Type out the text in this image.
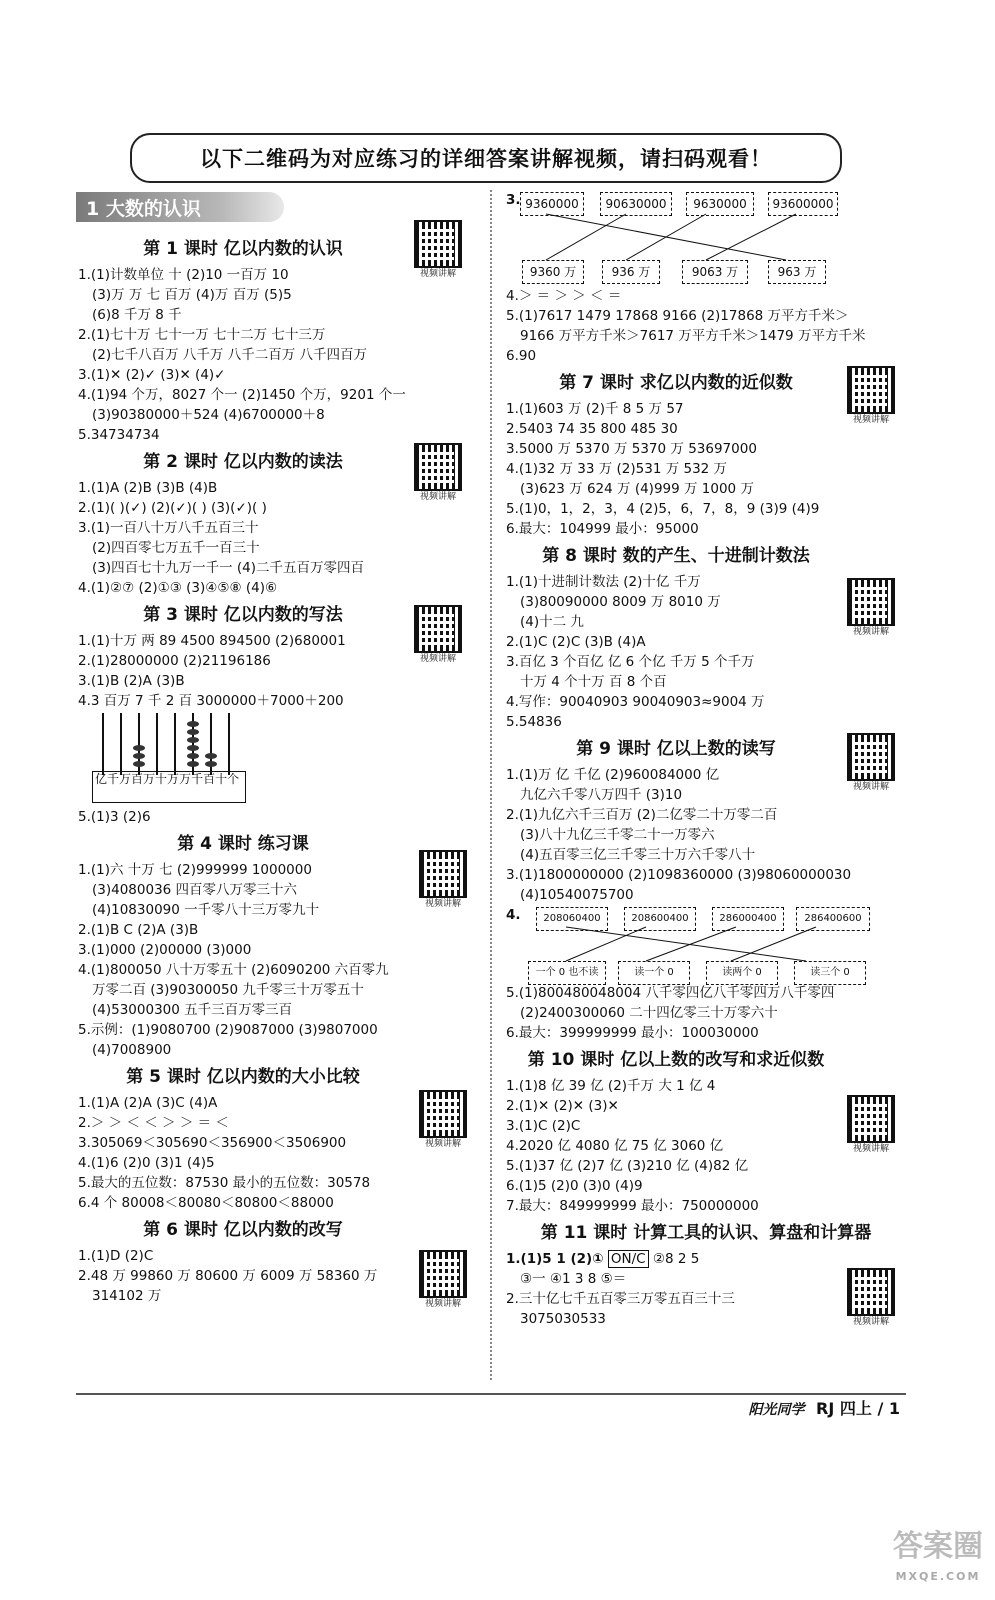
以下二维码为对应练习的详细答案讲解视频，请扫码观看！
1 大数的认识
第 1 课时 亿以内数的认识
1.(1)计数单位 十 (2)10 一百万 10
(3)万 万 七 百万 (4)万 百万 (5)5
(6)8 千万 8 千
2.(1)七十万 七十一万 七十二万 七十三万
(2)七千八百万 八千万 八千二百万 八千四百万
3.(1)✕ (2)✓ (3)✕ (4)✓
4.(1)94 个万，8027 个一 (2)1450 个万，9201 个一
(3)90380000＋524 (4)6700000＋8
5.34734734
第 2 课时 亿以内数的读法
1.(1)A (2)B (3)B (4)B
2.(1)( )(✓) (2)(✓)( ) (3)(✓)( )
3.(1)一百八十万八千五百三十
(2)四百零七万五千一百三十
(3)四百七十九万一千一 (4)二千五百万零四百
4.(1)②⑦ (2)①③ (3)④⑤⑧ (4)⑥
第 3 课时 亿以内数的写法
1.(1)十万 两 89 4500 894500 (2)680001
2.(1)28000000 (2)21196186
3.(1)B (2)A (3)B
4.3 百万 7 千 2 百 3000000＋7000＋200
亿千万百万十万万千百十个
5.(1)3 (2)6
第 4 课时 练习课
1.(1)六 十万 七 (2)999999 1000000
(3)4080036 四百零八万零三十六
(4)10830090 一千零八十三万零九十
2.(1)B C (2)A (3)B
3.(1)000 (2)00000 (3)000
4.(1)800050 八十万零五十 (2)6090200 六百零九
万零二百 (3)90300050 九千零三十万零五十
(4)53000300 五千三百万零三百
5.示例：(1)9080700 (2)9087000 (3)9807000
(4)7008900
第 5 课时 亿以内数的大小比较
1.(1)A (2)A (3)C (4)A
2.＞ ＞ ＜ ＜ ＞ ＞ ＝ ＜
3.305069＜305690＜356900＜3506900
4.(1)6 (2)0 (3)1 (4)5
5.最大的五位数：87530 最小的五位数：30578
6.4 个 80008＜80080＜80800＜88000
第 6 课时 亿以内数的改写
1.(1)D (2)C
2.48 万 99860 万 80600 万 6009 万 58360 万
314102 万
3. 9360000	90630000	9630000	93600000
9360 万	936 万	9063 万	963 万
4.＞ ＝ ＞ ＞ ＜ ＝
5.(1)7617 1479 17868 9166 (2)17868 万平方千米＞
9166 万平方千米＞7617 万平方千米＞1479 万平方千米
6.90
第 7 课时 求亿以内数的近似数
1.(1)603 万 (2)千 8 5 万 57
2.5403 74 35 800 485 30
3.5000 万 5370 万 5370 万 53697000
4.(1)32 万 33 万 (2)531 万 532 万
(3)623 万 624 万 (4)999 万 1000 万
5.(1)0，1，2，3，4 (2)5，6，7，8，9 (3)9 (4)9
6.最大：104999 最小：95000
第 8 课时 数的产生、十进制计数法
1.(1)十进制计数法 (2)十亿 千万
(3)80090000 8009 万 8010 万
(4)十二 九
2.(1)C (2)C (3)B (4)A
3.百亿 3 个百亿 亿 6 个亿 千万 5 个千万
十万 4 个十万 百 8 个百
4.写作：90040903 90040903≈9004 万
5.54836
第 9 课时 亿以上数的读写
1.(1)万 亿 千亿 (2)960084000 亿
九亿六千零八万四千 (3)10
2.(1)九亿六千三百万 (2)二亿零二十万零二百
(3)八十九亿三千零二十一万零六
(4)五百零三亿三千零三十万六千零八十
3.(1)1800000000 (2)1098360000 (3)98060000030
(4)10540075700
4.	208060400	208600400	286000400	286400600
一个 0 也不读	读一个 0	读两个 0	读三个 0
5.(1)800480048004 八千零四亿八千零四万八千零四
(2)2400300060 二十四亿零三十万零六十
6.最大：399999999 最小：100030000
第 10 课时 亿以上数的改写和求近似数
1.(1)8 亿 39 亿 (2)千万 大 1 亿 4
2.(1)✕ (2)✕ (3)✕
3.(1)C (2)C
4.2020 亿 4080 亿 75 亿 3060 亿
5.(1)37 亿 (2)7 亿 (3)210 亿 (4)82 亿
6.(1)5 (2)0 (3)0 (4)9
7.最大：849999999 最小：750000000
第 11 课时 计算工具的认识、算盘和计算器
1.(1)5 1 (2)① ON/C ②8 2 5
③一 ④1 3 8 ⑤＝
2.三十亿七千五百零三万零五百三十三
3075030533
视频讲解
视频讲解
视频讲解
视频讲解
视频讲解
视频讲解
视频讲解
视频讲解
视频讲解
视频讲解
视频讲解
阳光同学 RJ 四上 / 1
答案圈
MXQE.COM
